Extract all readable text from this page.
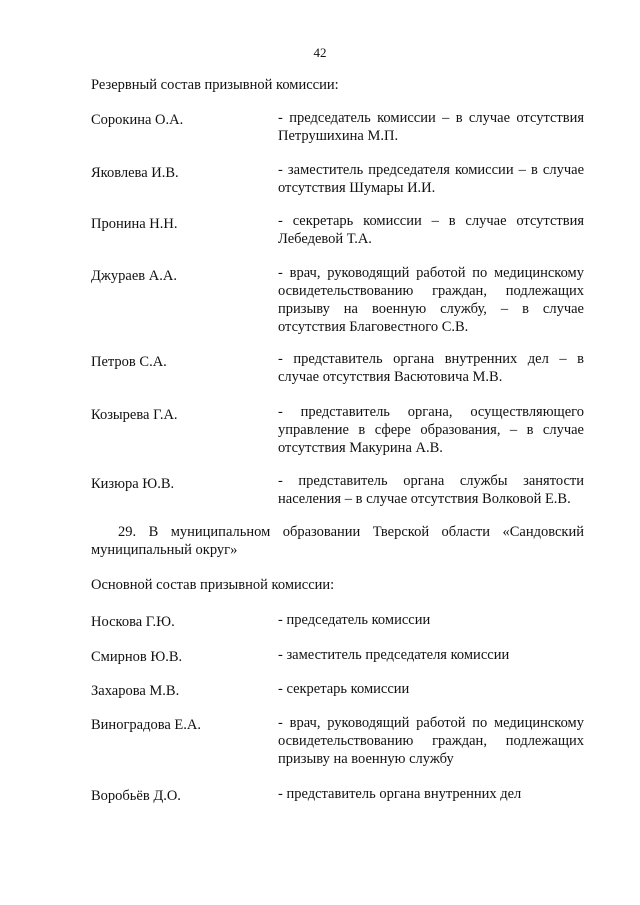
42
Резервный состав призывной комиссии:
Сорокина О.А.	- председатель комиссии – в случае отсутствия Петрушихина М.П.
Яковлева И.В.	- заместитель председателя комиссии – в случае отсутствия Шумары И.И.
Пронина Н.Н.	- секретарь комиссии – в случае отсутствия Лебедевой Т.А.
Джураев А.А.	- врач, руководящий работой по медицинскому освидетельствованию граждан, подлежащих призыву на военную службу, – в случае отсутствия Благовестного С.В.
Петров С.А.	- представитель органа внутренних дел – в случае отсутствия Васютовича М.В.
Козырева Г.А.	- представитель органа, осуществляющего управление в сфере образования, – в случае отсутствия Макурина А.В.
Кизюра Ю.В.	- представитель органа службы занятости населения – в случае отсутствия Волковой Е.В.
29. В муниципальном образовании Тверской области «Сандовский муниципальный округ»
Основной состав призывной комиссии:
Носкова Г.Ю.	- председатель комиссии
Смирнов Ю.В.	- заместитель председателя комиссии
Захарова М.В.	- секретарь комиссии
Виноградова Е.А.	- врач, руководящий работой по медицинскому освидетельствованию граждан, подлежащих призыву на военную службу
Воробьёв Д.О.	- представитель органа внутренних дел
